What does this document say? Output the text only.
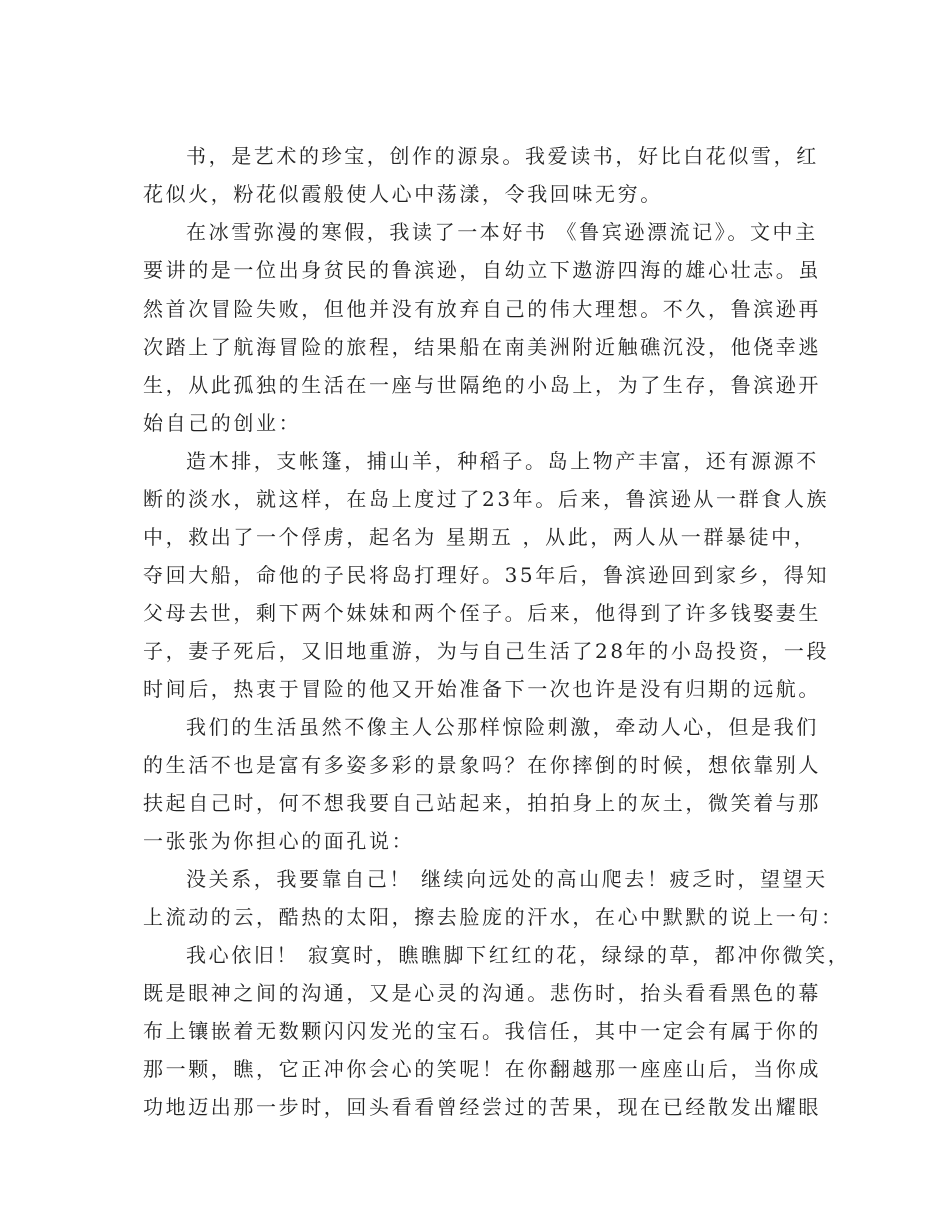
书，是艺术的珍宝，创作的源泉。我爱读书，好比白花似雪，红
花似火，粉花似霞般使人心中荡漾，令我回味无穷。
在冰雪弥漫的寒假，我读了一本好书 《鲁宾逊漂流记》。文中主
要讲的是一位出身贫民的鲁滨逊，自幼立下遨游四海的雄心壮志。虽
然首次冒险失败，但他并没有放弃自己的伟大理想。不久，鲁滨逊再
次踏上了航海冒险的旅程，结果船在南美洲附近触礁沉没，他侥幸逃
生，从此孤独的生活在一座与世隔绝的小岛上，为了生存，鲁滨逊开
始自己的创业：
造木排，支帐篷，捕山羊，种稻子。岛上物产丰富，还有源源不
断的淡水，就这样，在岛上度过了23年。后来，鲁滨逊从一群食人族
中，救出了一个俘虏，起名为 星期五 ，从此，两人从一群暴徒中，
夺回大船，命他的子民将岛打理好。35年后，鲁滨逊回到家乡，得知
父母去世，剩下两个妹妹和两个侄子。后来，他得到了许多钱娶妻生
子，妻子死后，又旧地重游，为与自己生活了28年的小岛投资，一段
时间后，热衷于冒险的他又开始准备下一次也许是没有归期的远航。
我们的生活虽然不像主人公那样惊险刺激，牵动人心，但是我们
的生活不也是富有多姿多彩的景象吗？在你摔倒的时候，想依靠别人
扶起自己时，何不想我要自己站起来，拍拍身上的灰土，微笑着与那
一张张为你担心的面孔说：
没关系，我要靠自己！ 继续向远处的高山爬去！疲乏时，望望天
上流动的云，酷热的太阳，擦去脸庞的汗水，在心中默默的说上一句：
我心依旧！ 寂寞时，瞧瞧脚下红红的花，绿绿的草，都冲你微笑，
既是眼神之间的沟通，又是心灵的沟通。悲伤时，抬头看看黑色的幕
布上镶嵌着无数颗闪闪发光的宝石。我信任，其中一定会有属于你的
那一颗，瞧，它正冲你会心的笑呢！在你翻越那一座座山后，当你成
功地迈出那一步时，回头看看曾经尝过的苦果，现在已经散发出耀眼
